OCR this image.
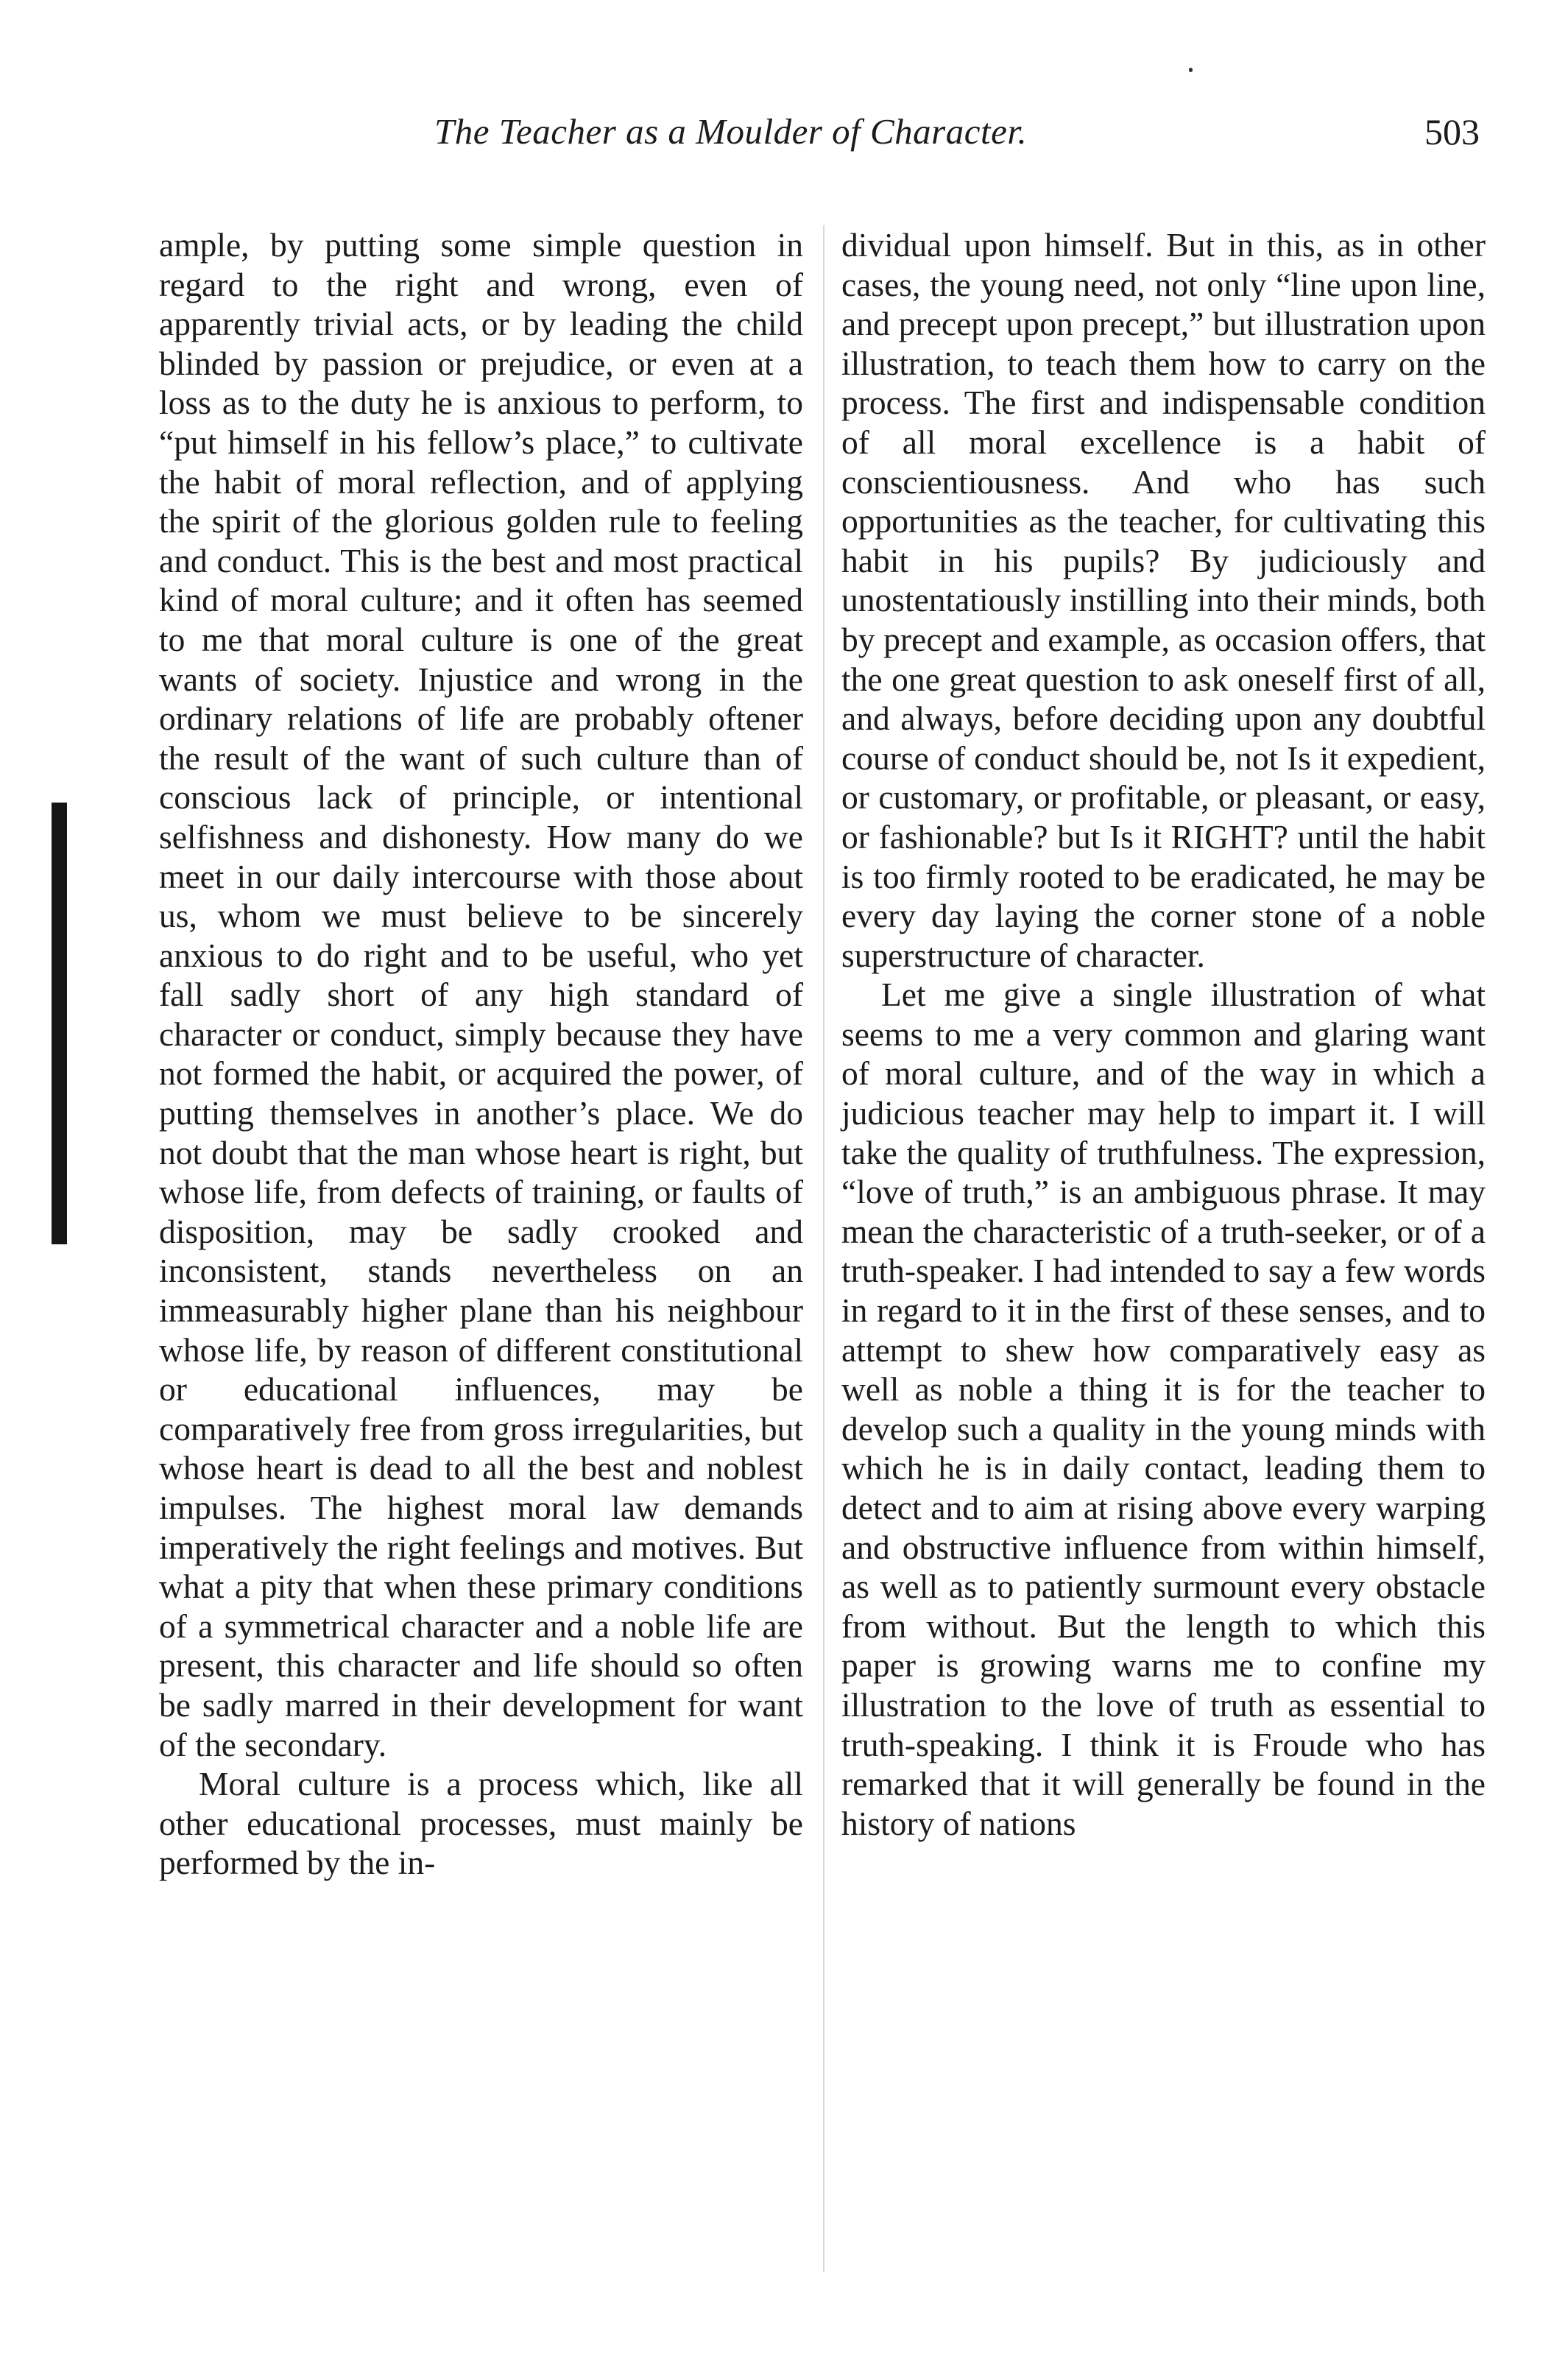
The Teacher as a Moulder of Character.	503

ample, by putting some simple question in regard to the right and wrong, even of apparently trivial acts, or by leading the child blinded by passion or prejudice, or even at a loss as to the duty he is anxious to perform, to “put himself in his fellow’s place,” to cultivate the habit of moral reflection, and of applying the spirit of the glorious golden rule to feeling and conduct. This is the best and most practical kind of moral culture; and it often has seemed to me that moral culture is one of the great wants of society. Injustice and wrong in the ordinary relations of life are probably oftener the result of the want of such culture than of conscious lack of principle, or intentional selfishness and dishonesty. How many do we meet in our daily intercourse with those about us, whom we must believe to be sincerely anxious to do right and to be useful, who yet fall sadly short of any high standard of character or conduct, simply because they have not formed the habit, or acquired the power, of putting themselves in another’s place. We do not doubt that the man whose heart is right, but whose life, from defects of training, or faults of disposition, may be sadly crooked and inconsistent, stands nevertheless on an immeasurably higher plane than his neighbour whose life, by reason of different constitutional or educational influences, may be comparatively free from gross irregularities, but whose heart is dead to all the best and noblest impulses. The highest moral law demands imperatively the right feelings and motives. But what a pity that when these primary conditions of a symmetrical character and a noble life are present, this character and life should so often be sadly marred in their development for want of the secondary.

Moral culture is a process which, like all other educational processes, must mainly be performed by the in-

dividual upon himself. But in this, as in other cases, the young need, not only “line upon line, and precept upon precept,” but illustration upon illustration, to teach them how to carry on the process. The first and indispensable condition of all moral excellence is a habit of conscientiousness. And who has such opportunities as the teacher, for cultivating this habit in his pupils? By judiciously and unostentatiously instilling into their minds, both by precept and example, as occasion offers, that the one great question to ask oneself first of all, and always, before deciding upon any doubtful course of conduct should be, not Is it expedient, or customary, or profitable, or pleasant, or easy, or fashionable? but Is it RIGHT? until the habit is too firmly rooted to be eradicated, he may be every day laying the corner stone of a noble superstructure of character.

Let me give a single illustration of what seems to me a very common and glaring want of moral culture, and of the way in which a judicious teacher may help to impart it. I will take the quality of truthfulness. The expression, “love of truth,” is an ambiguous phrase. It may mean the characteristic of a truth-seeker, or of a truth-speaker. I had intended to say a few words in regard to it in the first of these senses, and to attempt to shew how comparatively easy as well as noble a thing it is for the teacher to develop such a quality in the young minds with which he is in daily contact, leading them to detect and to aim at rising above every warping and obstructive influence from within himself, as well as to patiently surmount every obstacle from without. But the length to which this paper is growing warns me to confine my illustration to the love of truth as essential to truth-speaking. I think it is Froude who has remarked that it will generally be found in the history of nations
